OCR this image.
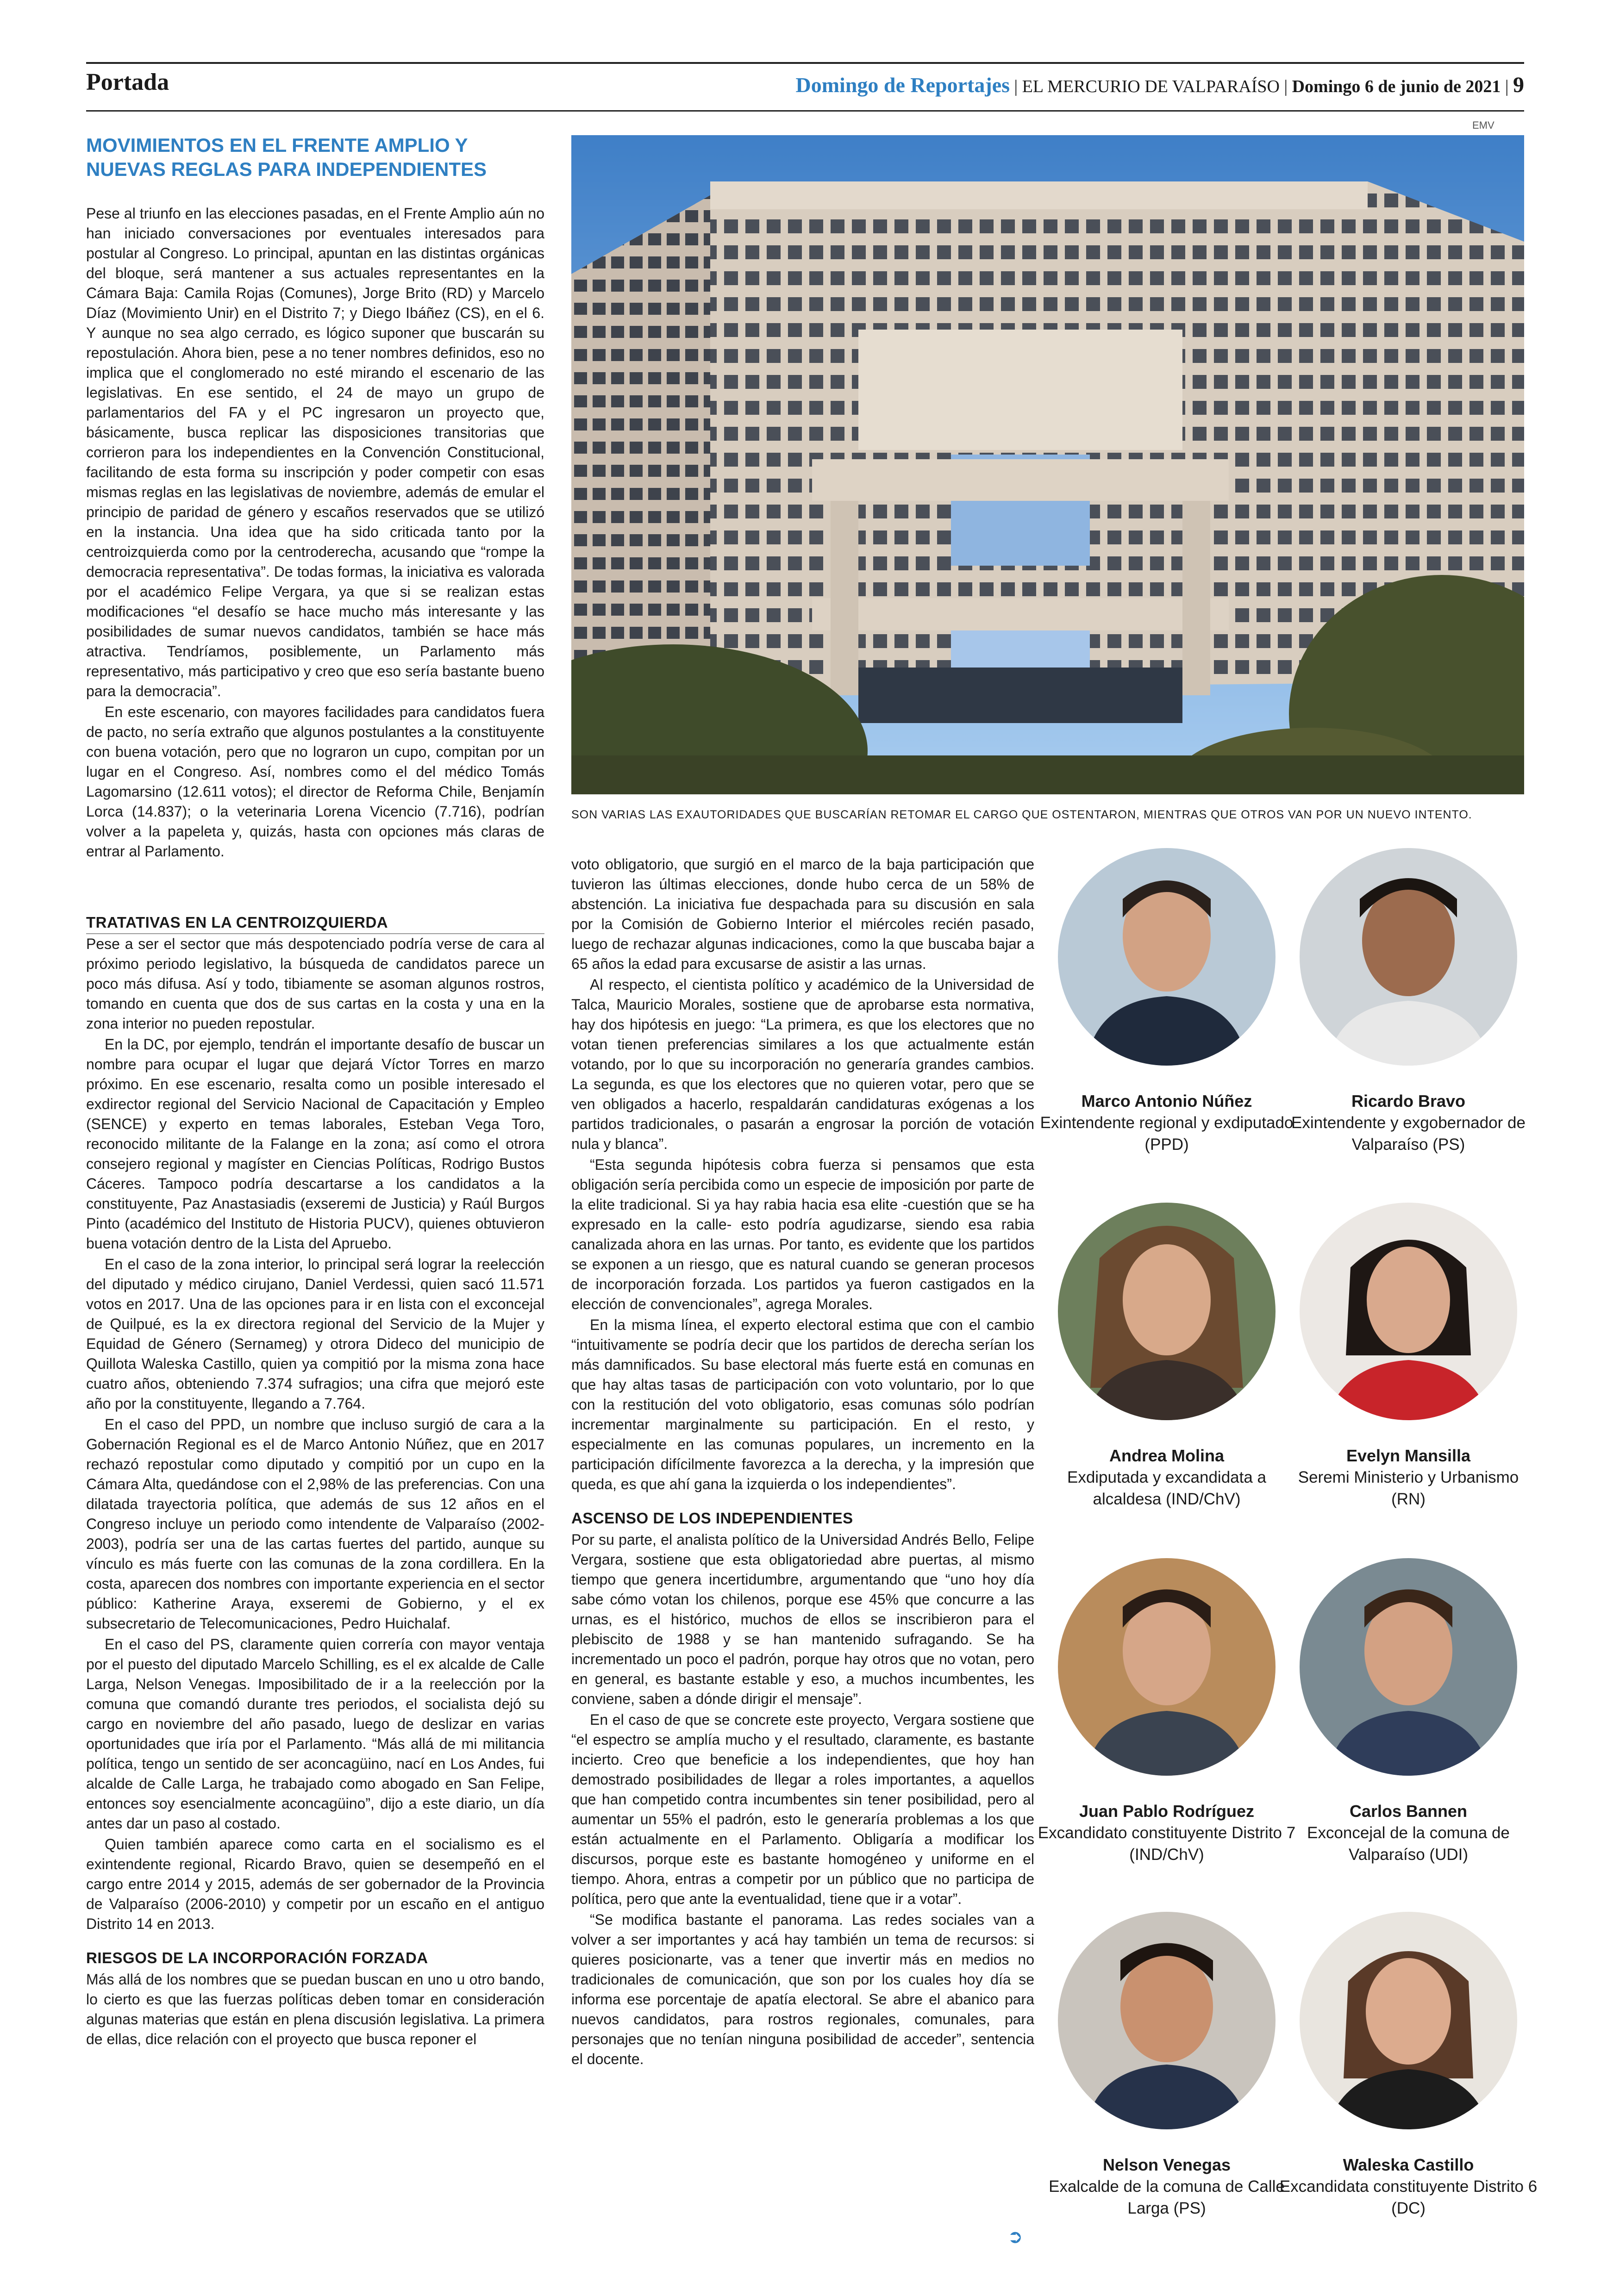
Portada	Domingo de Reportajes | EL MERCURIO DE VALPARAÍSO | Domingo 6 de junio de 2021 | 9
EMV
MOVIMIENTOS EN EL FRENTE AMPLIO Y NUEVAS REGLAS PARA INDEPENDIENTES

Pese al triunfo en las elecciones pasadas, en el Frente Amplio aún no han iniciado conversaciones por eventuales interesados para postular al Congreso. Lo principal, apuntan en las distintas orgánicas del bloque, será mantener a sus actuales representantes en la Cámara Baja: Camila Rojas (Comunes), Jorge Brito (RD) y Marcelo Díaz (Movimiento Unir) en el Distrito 7; y Diego Ibáñez (CS), en el 6. Y aunque no sea algo cerrado, es lógico suponer que buscarán su repostulación. Ahora bien, pese a no tener nombres definidos, eso no implica que el conglomerado no esté mirando el escenario de las legislativas. En ese sentido, el 24 de mayo un grupo de parlamentarios del FA y el PC ingresaron un proyecto que, básicamente, busca replicar las disposiciones transitorias que corrieron para los independientes en la Convención Constitucional, facilitando de esta forma su inscripción y poder competir con esas mismas reglas en las legislativas de noviembre, además de emular el principio de paridad de género y escaños reservados que se utilizó en la instancia. Una idea que ha sido criticada tanto por la centroizquierda como por la centroderecha, acusando que “rompe la democracia representativa”. De todas formas, la iniciativa es valorada por el académico Felipe Vergara, ya que si se realizan estas modificaciones “el desafío se hace mucho más interesante y las posibilidades de sumar nuevos candidatos, también se hace más atractiva. Tendríamos, posiblemente, un Parlamento más representativo, más participativo y creo que eso sería bastante bueno para la democracia”.

En este escenario, con mayores facilidades para candidatos fuera de pacto, no sería extraño que algunos postulantes a la constituyente con buena votación, pero que no lograron un cupo, compitan por un lugar en el Congreso. Así, nombres como el del médico Tomás Lagomarsino (12.611 votos); el director de Reforma Chile, Benjamín Lorca (14.837); o la veterinaria Lorena Vicencio (7.716), podrían volver a la papeleta y, quizás, hasta con opciones más claras de entrar al Parlamento.

TRATATIVAS EN LA CENTROIZQUIERDA

Pese a ser el sector que más despotenciado podría verse de cara al próximo periodo legislativo, la búsqueda de candidatos parece un poco más difusa. Así y todo, tibiamente se asoman algunos rostros, tomando en cuenta que dos de sus cartas en la costa y una en la zona interior no pueden repostular.

En la DC, por ejemplo, tendrán el importante desafío de buscar un nombre para ocupar el lugar que dejará Víctor Torres en marzo próximo. En ese escenario, resalta como un posible interesado el exdirector regional del Servicio Nacional de Capacitación y Empleo (SENCE) y experto en temas laborales, Esteban Vega Toro, reconocido militante de la Falange en la zona; así como el otrora consejero regional y magíster en Ciencias Políticas, Rodrigo Bustos Cáceres. Tampoco podría descartarse a los candidatos a la constituyente, Paz Anastasiadis (exseremi de Justicia) y Raúl Burgos Pinto (académico del Instituto de Historia PUCV), quienes obtuvieron buena votación dentro de la Lista del Apruebo.

En el caso de la zona interior, lo principal será lograr la reelección del diputado y médico cirujano, Daniel Verdessi, quien sacó 11.571 votos en 2017. Una de las opciones para ir en lista con el exconcejal de Quilpué, es la ex directora regional del Servicio de la Mujer y Equidad de Género (Sernameg) y otrora Dideco del municipio de Quillota Waleska Castillo, quien ya compitió por la misma zona hace cuatro años, obteniendo 7.374 sufragios; una cifra que mejoró este año por la constituyente, llegando a 7.764.

En el caso del PPD, un nombre que incluso surgió de cara a la Gobernación Regional es el de Marco Antonio Núñez, que en 2017 rechazó repostular como diputado y compitió por un cupo en la Cámara Alta, quedándose con el 2,98% de las preferencias. Con una dilatada trayectoria política, que además de sus 12 años en el Congreso incluye un periodo como intendente de Valparaíso (2002-2003), podría ser una de las cartas fuertes del partido, aunque su vínculo es más fuerte con las comunas de la zona cordillera. En la costa, aparecen dos nombres con importante experiencia en el sector público: Katherine Araya, exseremi de Gobierno, y el ex subsecretario de Telecomunicaciones, Pedro Huichalaf.

En el caso del PS, claramente quien correría con mayor ventaja por el puesto del diputado Marcelo Schilling, es el ex alcalde de Calle Larga, Nelson Venegas. Imposibilitado de ir a la reelección por la comuna que comandó durante tres periodos, el socialista dejó su cargo en noviembre del año pasado, luego de deslizar en varias oportunidades que iría por el Parlamento. “Más allá de mi militancia política, tengo un sentido de ser aconcagüino, nací en Los Andes, fui alcalde de Calle Larga, he trabajado como abogado en San Felipe, entonces soy esencialmente aconcagüino”, dijo a este diario, un día antes dar un paso al costado.

Quien también aparece como carta en el socialismo es el exintendente regional, Ricardo Bravo, quien se desempeñó en el cargo entre 2014 y 2015, además de ser gobernador de la Provincia de Valparaíso (2006-2010) y competir por un escaño en el antiguo Distrito 14 en 2013.

RIESGOS DE LA INCORPORACIÓN FORZADA

Más allá de los nombres que se puedan buscan en uno u otro bando, lo cierto es que las fuerzas políticas deben tomar en consideración algunas materias que están en plena discusión legislativa. La primera de ellas, dice relación con el proyecto que busca reponer el

SON VARIAS LAS EXAUTORIDADES QUE BUSCARÍAN RETOMAR EL CARGO QUE OSTENTARON, MIENTRAS QUE OTROS VAN POR UN NUEVO INTENTO.

voto obligatorio, que surgió en el marco de la baja participación que tuvieron las últimas elecciones, donde hubo cerca de un 58% de abstención. La iniciativa fue despachada para su discusión en sala por la Comisión de Gobierno Interior el miércoles recién pasado, luego de rechazar algunas indicaciones, como la que buscaba bajar a 65 años la edad para excusarse de asistir a las urnas.

Al respecto, el cientista político y académico de la Universidad de Talca, Mauricio Morales, sostiene que de aprobarse esta normativa, hay dos hipótesis en juego: “La primera, es que los electores que no votan tienen preferencias similares a los que actualmente están votando, por lo que su incorporación no generaría grandes cambios. La segunda, es que los electores que no quieren votar, pero que se ven obligados a hacerlo, respaldarán candidaturas exógenas a los partidos tradicionales, o pasarán a engrosar la porción de votación nula y blanca”.

“Esta segunda hipótesis cobra fuerza si pensamos que esta obligación sería percibida como un especie de imposición por parte de la elite tradicional. Si ya hay rabia hacia esa elite -cuestión que se ha expresado en la calle- esto podría agudizarse, siendo esa rabia canalizada ahora en las urnas. Por tanto, es evidente que los partidos se exponen a un riesgo, que es natural cuando se generan procesos de incorporación forzada. Los partidos ya fueron castigados en la elección de convencionales”, agrega Morales.

En la misma línea, el experto electoral estima que con el cambio “intuitivamente se podría decir que los partidos de derecha serían los más damnificados. Su base electoral más fuerte está en comunas en que hay altas tasas de participación con voto voluntario, por lo que con la restitución del voto obligatorio, esas comunas sólo podrían incrementar marginalmente su participación. En el resto, y especialmente en las comunas populares, un incremento en la participación difícilmente favorezca a la derecha, y la impresión que queda, es que ahí gana la izquierda o los independientes”.

ASCENSO DE LOS INDEPENDIENTES

Por su parte, el analista político de la Universidad Andrés Bello, Felipe Vergara, sostiene que esta obligatoriedad abre puertas, al mismo tiempo que genera incertidumbre, argumentando que “uno hoy día sabe cómo votan los chilenos, porque ese 45% que concurre a las urnas, es el histórico, muchos de ellos se inscribieron para el plebiscito de 1988 y se han mantenido sufragando. Se ha incrementado un poco el padrón, porque hay otros que no votan, pero en general, es bastante estable y eso, a muchos incumbentes, les conviene, saben a dónde dirigir el mensaje”.

En el caso de que se concrete este proyecto, Vergara sostiene que “el espectro se amplía mucho y el resultado, claramente, es bastante incierto. Creo que beneficie a los independientes, que hoy han demostrado posibilidades de llegar a roles importantes, a aquellos que han competido contra incumbentes sin tener posibilidad, pero al aumentar un 55% el padrón, esto le generaría problemas a los que están actualmente en el Parlamento. Obligaría a modificar los discursos, porque este es bastante homogéneo y uniforme en el tiempo. Ahora, entras a competir por un público que no participa de política, pero que ante la eventualidad, tiene que ir a votar”.

“Se modifica bastante el panorama. Las redes sociales van a volver a ser importantes y acá hay también un tema de recursos: si quieres posicionarte, vas a tener que invertir más en medios no tradicionales de comunicación, que son por los cuales hoy día se informa ese porcentaje de apatía electoral. Se abre el abanico para nuevos candidatos, para rostros regionales, comunales, para personajes que no tenían ninguna posibilidad de acceder”, sentencia el docente.

➲
Marco Antonio Núñez
Exintendente regional y exdiputado (PPD)
Ricardo Bravo
Exintendente y exgobernador de Valparaíso (PS)
Andrea Molina
Exdiputada y excandidata a alcaldesa (IND/ChV)
Evelyn Mansilla
Seremi Ministerio y Urbanismo (RN)
Juan Pablo Rodríguez
Excandidato constituyente Distrito 7 (IND/ChV)
Carlos Bannen
Exconcejal de la comuna de Valparaíso (UDI)
Nelson Venegas
Exalcalde de la comuna de Calle Larga (PS)
Waleska Castillo
Excandidata constituyente Distrito 6 (DC)
